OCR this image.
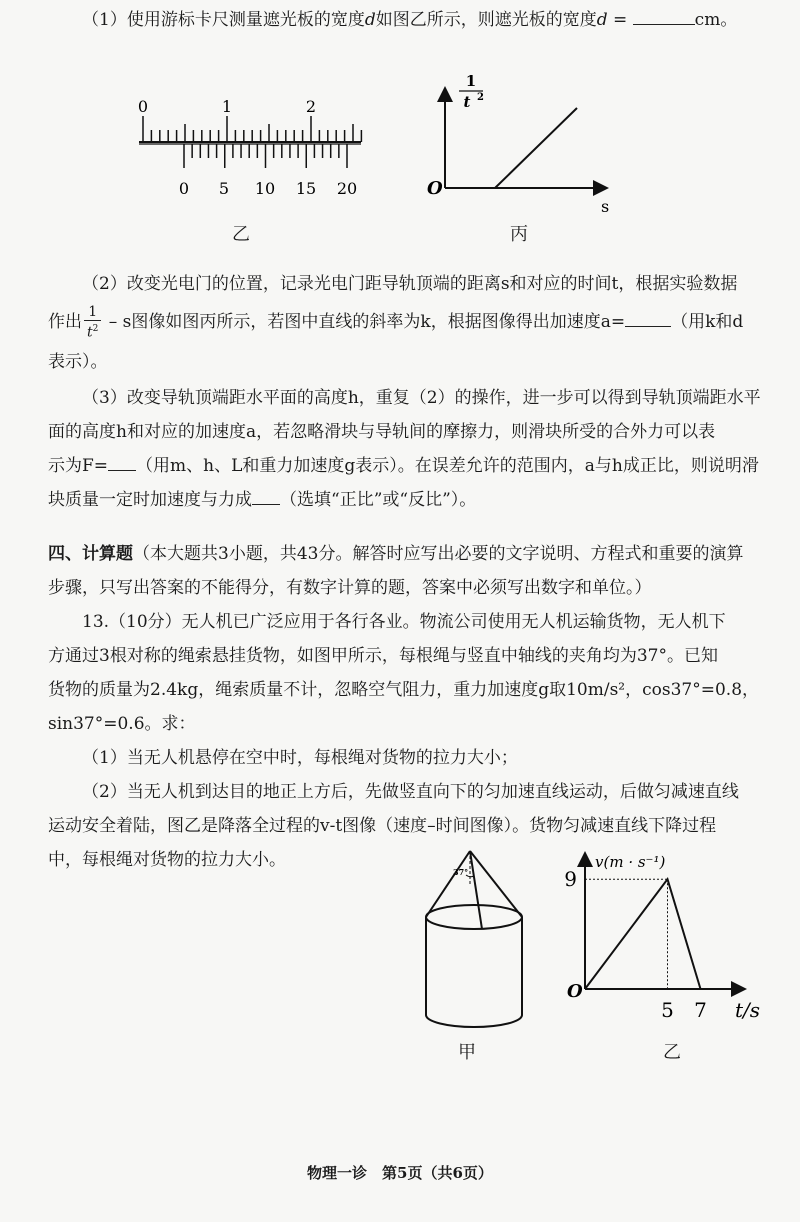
（1）使用游标卡尺测量遮光板的宽度d如图乙所示，则遮光板的宽度d =	cm。

0	1	2
0 5 10 15 20
乙
1
t 2
O
s
丙

（2）改变光电门的位置，记录光电门距导轨顶端的距离s和对应的时间t，根据实验数据

作出 $\frac{1}{t^2}$ – s图像如图丙所示，若图中直线的斜率为k，根据图像得出加速度a=	（用k和d

表示）。

（3）改变导轨顶端距水平面的高度h，重复（2）的操作，进一步可以得到导轨顶端距水平

面的高度h和对应的加速度a，若忽略滑块与导轨间的摩擦力，则滑块所受的合外力可以表

示为F= （用m、h、L和重力加速度g表示）。在误差允许的范围内，a与h成正比，则说明滑

块质量一定时加速度与力成 （选填“正比”或“反比”）。

四、计算题（本大题共3小题，共43分。解答时应写出必要的文字说明、方程式和重要的演算

步骤，只写出答案的不能得分，有数字计算的题，答案中必须写出数字和单位。）

13.（10分）无人机已广泛应用于各行各业。物流公司使用无人机运输货物，无人机下

方通过3根对称的绳索悬挂货物，如图甲所示，每根绳与竖直中轴线的夹角均为37°。已知

货物的质量为2.4kg，绳索质量不计，忽略空气阻力，重力加速度g取10m/s²，cos37°=0.8，

sin37°=0.6。求：

（1）当无人机悬停在空中时，每根绳对货物的拉力大小；

（2）当无人机到达目的地正上方后，先做竖直向下的匀加速直线运动，后做匀减速直线

运动安全着陆，图乙是降落全过程的v-t图像（速度–时间图像）。货物匀减速直线下降过程

中，每根绳对货物的拉力大小。

37°
甲
v(m · s⁻¹)
O
t/s
5 7
9
乙
物理一诊　第5页（共6页）
